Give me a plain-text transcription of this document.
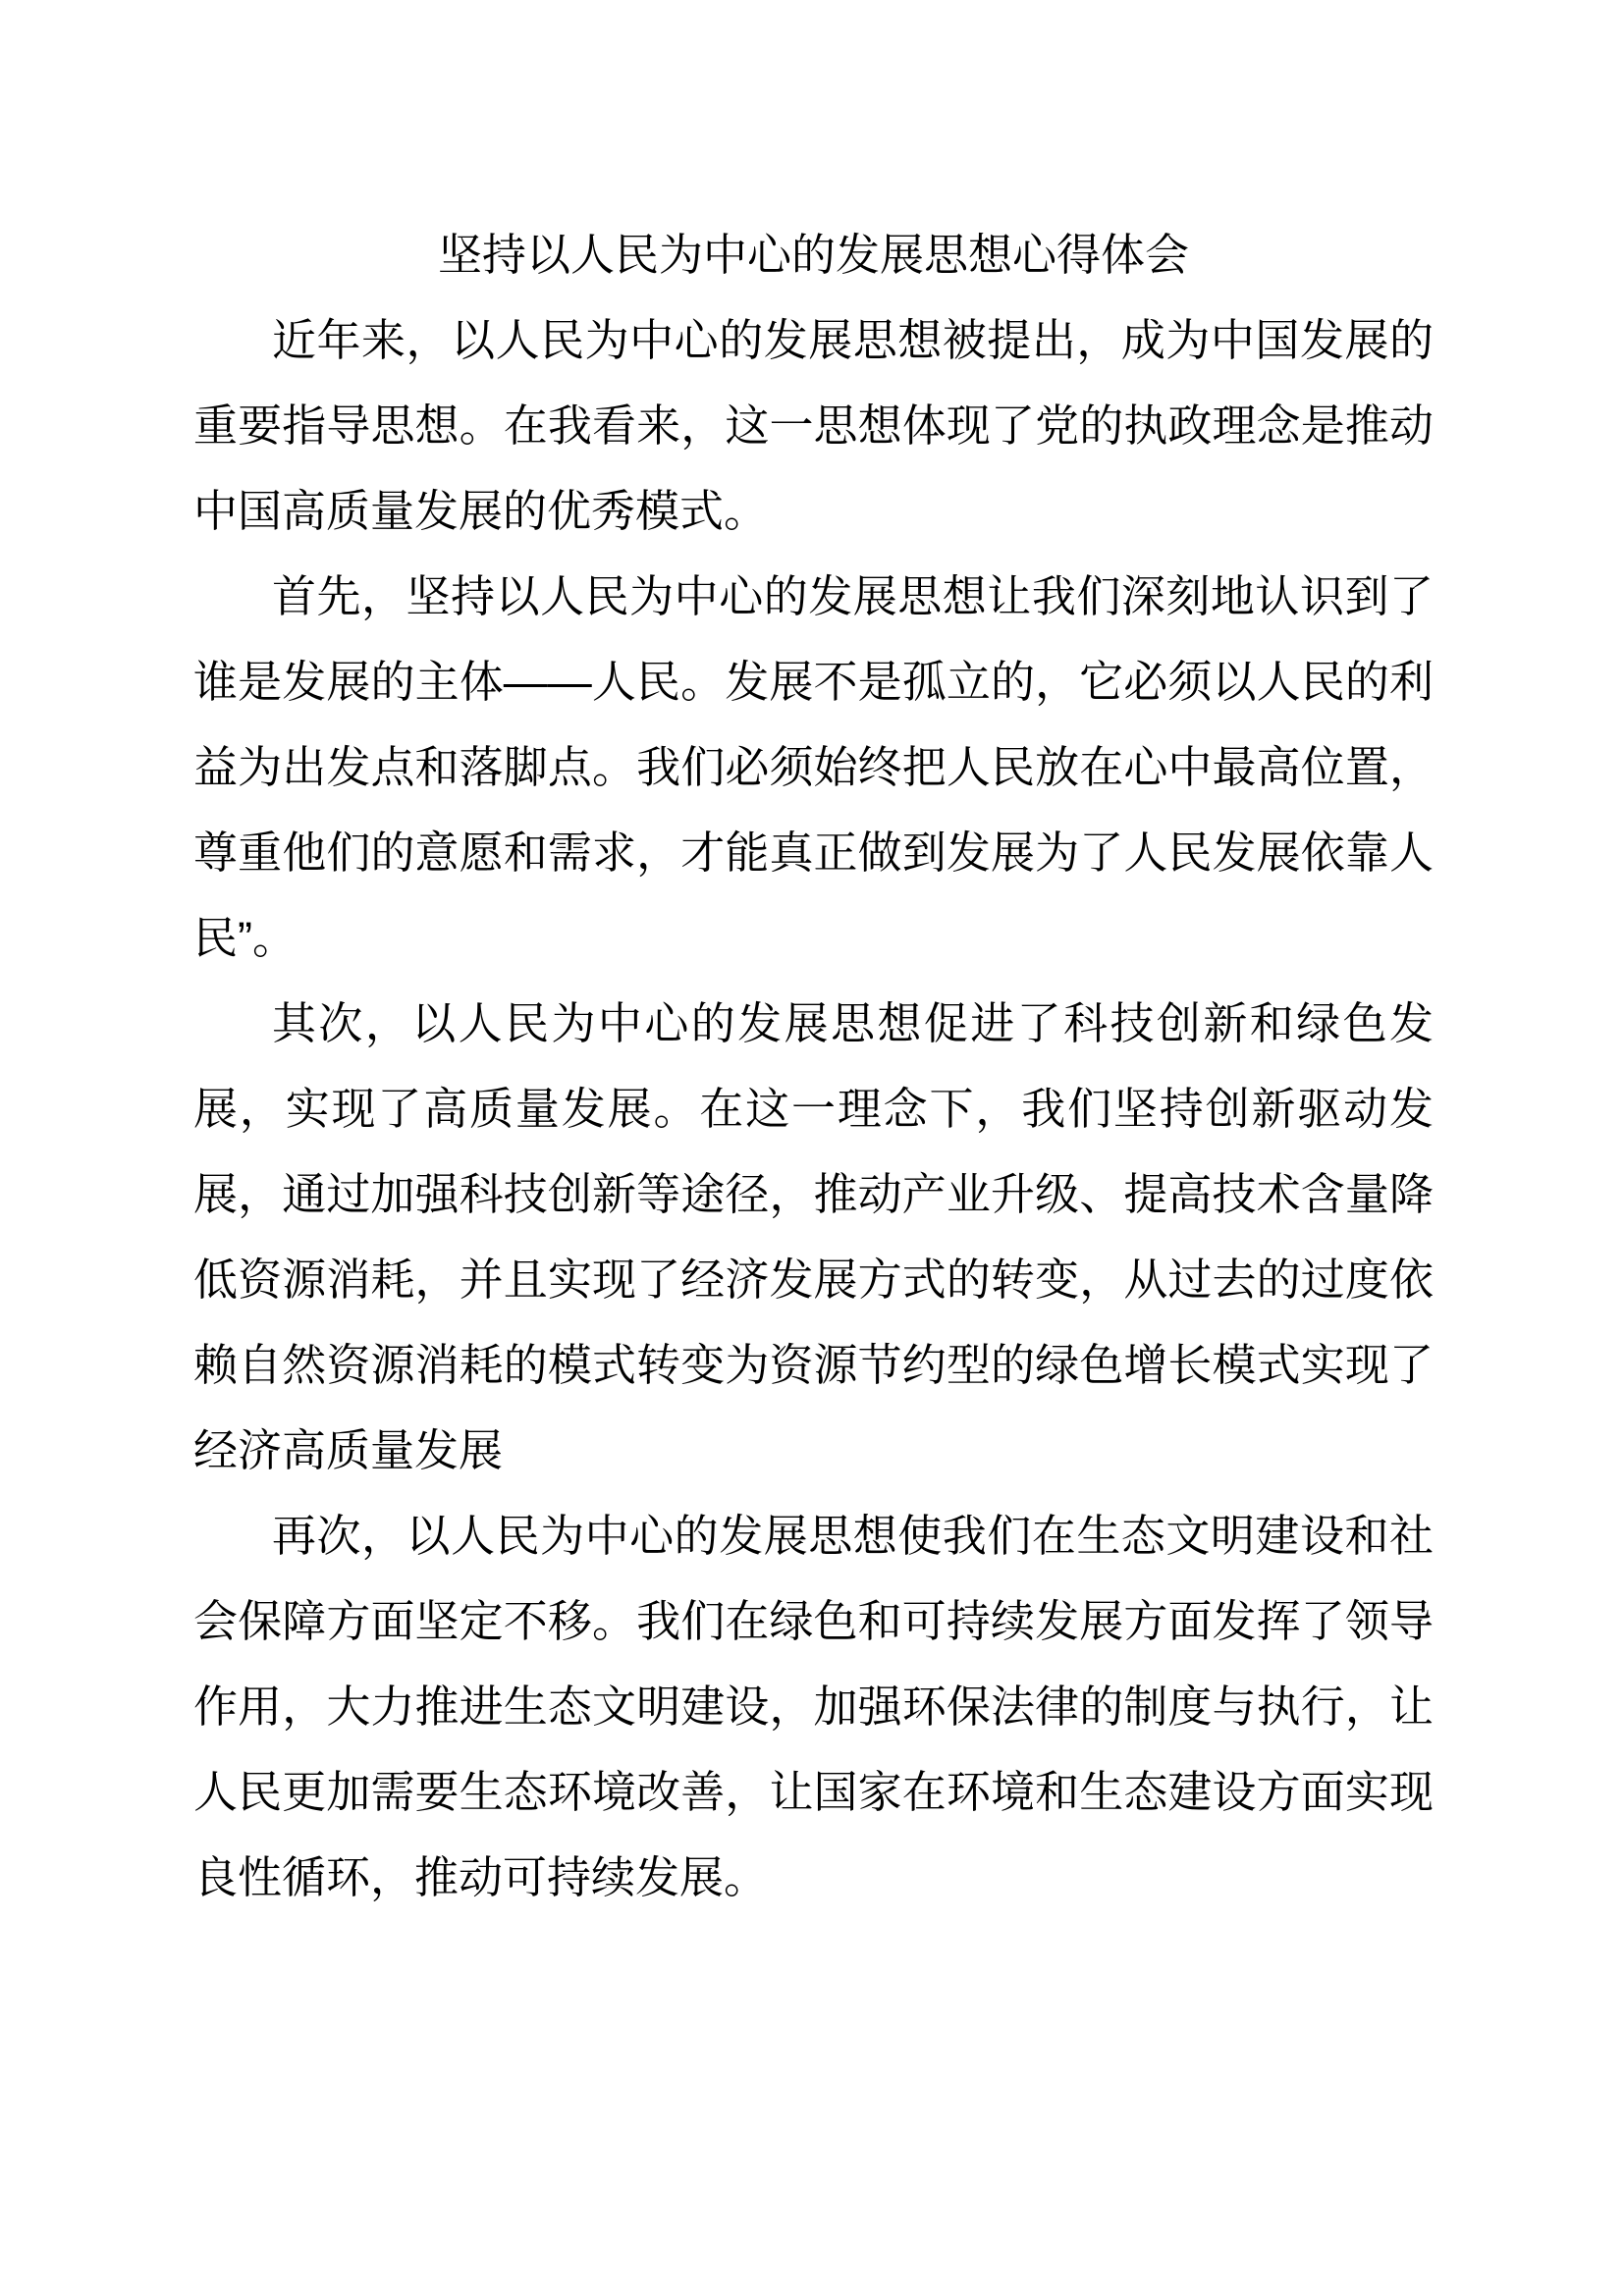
坚持以人民为中心的发展思想心得体会

近年来，以人民为中心的发展思想被提出，成为中国发展的重要指导思想。在我看来，这一思想体现了党的执政理念是推动中国高质量发展的优秀模式。

首先，坚持以人民为中心的发展思想让我们深刻地认识到了谁是发展的主体——人民。发展不是孤立的，它必须以人民的利益为出发点和落脚点。我们必须始终把人民放在心中最高位置，尊重他们的意愿和需求，才能真正做到发展为了人民发展依靠人民”。

其次，以人民为中心的发展思想促进了科技创新和绿色发展，实现了高质量发展。在这一理念下，我们坚持创新驱动发展，通过加强科技创新等途径，推动产业升级、提高技术含量降低资源消耗，并且实现了经济发展方式的转变，从过去的过度依赖自然资源消耗的模式转变为资源节约型的绿色增长模式实现了经济高质量发展

再次，以人民为中心的发展思想使我们在生态文明建设和社会保障方面坚定不移。我们在绿色和可持续发展方面发挥了领导作用，大力推进生态文明建设，加强环保法律的制度与执行，让人民更加需要生态环境改善，让国家在环境和生态建设方面实现良性循环，推动可持续发展。
